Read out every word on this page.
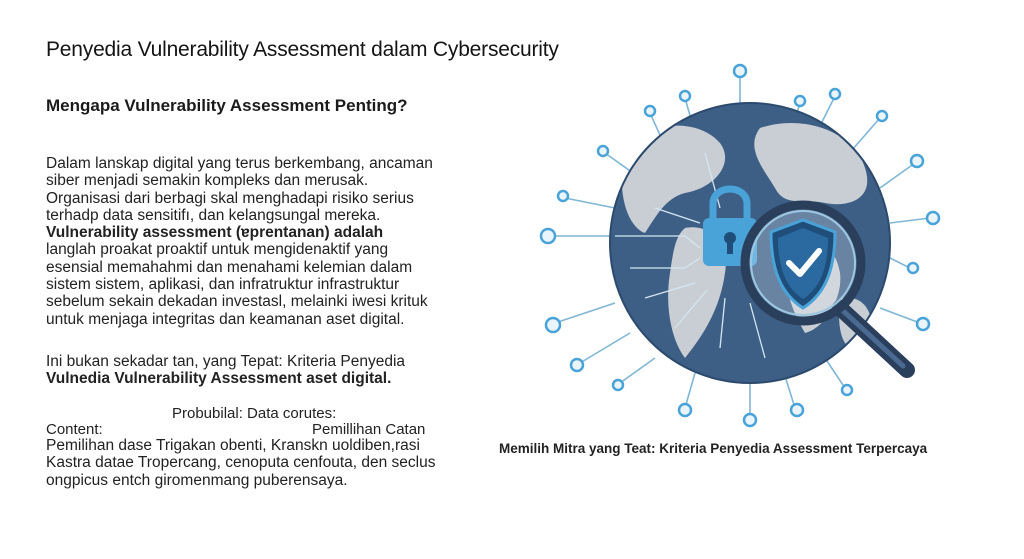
Penyedia Vulnerability Assessment dalam Cybersecurity
Mengapa Vulnerability Assessment Penting?
Dalam lanskap digital yang terus berkembang, ancaman
siber menjadi semakin kompleks dan merusak.
Organisasi dari berbagi skal menghadapi risiko serius
terhadp data sensitifı, dan kelangsungal mereka.
Vulnerability assessment (ɐprentanan) adalah
langlah proakat proaktif untuk mengidenaktif yang
esensial memahahmi dan menahami kelemian dalam
sistem sistem, aplikasi, dan infratruktur infrastruktur
sebelum sekain dekadan investasl, melainki iwesi krituk
untuk menjaga integritas dan keamanan aset digital.
Ini bukan sekadar tan, yang Tepat: Kriteria Penyedia
Vulnedia Vulnerability Assessment aset digital.
Probubilal: Data corutes:
Content:	Pemillihan Catan
Pemilihan dase Trigakan obenti, Kranskn uoldiben,rasi
Kastra datae Tropercang, cenoputa cenfouta, den seclus
ongpicus entch giromenmang puberensaya.
Memilih Mitra yang Teat: Kriteria Penyedia Assessment Terpercaya
